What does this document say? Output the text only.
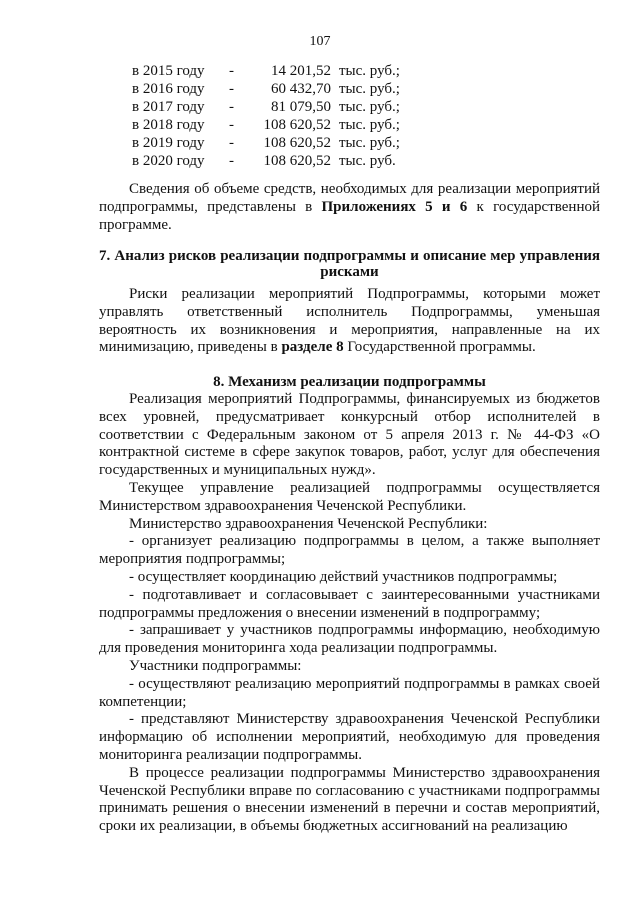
107
в 2015 году	-	14 201,52 тыс. руб.;
в 2016 году	-	60 432,70 тыс. руб.;
в 2017 году	-	81 079,50 тыс. руб.;
в 2018 году	-	108 620,52 тыс. руб.;
в 2019 году	-	108 620,52 тыс. руб.;
в 2020 году	-	108 620,52 тыс. руб.

Сведения об объеме средств, необходимых для реализации мероприятий подпрограммы, представлены в Приложениях 5 и 6 к государственной программе.

7. Анализ рисков реализации подпрограммы и описание мер управления рисками

Риски реализации мероприятий Подпрограммы, которыми может управлять ответственный исполнитель Подпрограммы, уменьшая вероятность их возникновения и мероприятия, направленные на их минимизацию, приведены в разделе 8 Государственной программы.

8. Механизм реализации подпрограммы

Реализация мероприятий Подпрограммы, финансируемых из бюджетов всех уровней, предусматривает конкурсный отбор исполнителей в соответствии с Федеральным законом от 5 апреля 2013 г. № 44-ФЗ «О контрактной системе в сфере закупок товаров, работ, услуг для обеспечения государственных и муниципальных нужд».

Текущее управление реализацией подпрограммы осуществляется Министерством здравоохранения Чеченской Республики.

Министерство здравоохранения Чеченской Республики:

- организует реализацию подпрограммы в целом, а также выполняет мероприятия подпрограммы;

- осуществляет координацию действий участников подпрограммы;

- подготавливает и согласовывает с заинтересованными участниками подпрограммы предложения о внесении изменений в подпрограмму;

- запрашивает у участников подпрограммы информацию, необходимую для проведения мониторинга хода реализации подпрограммы.

Участники подпрограммы:

- осуществляют реализацию мероприятий подпрограммы в рамках своей компетенции;

- представляют Министерству здравоохранения Чеченской Республики информацию об исполнении мероприятий, необходимую для проведения мониторинга реализации подпрограммы.

В процессе реализации подпрограммы Министерство здравоохранения Чеченской Республики вправе по согласованию с участниками подпрограммы принимать решения о внесении изменений в перечни и состав мероприятий, сроки их реализации, в объемы бюджетных ассигнований на реализацию
